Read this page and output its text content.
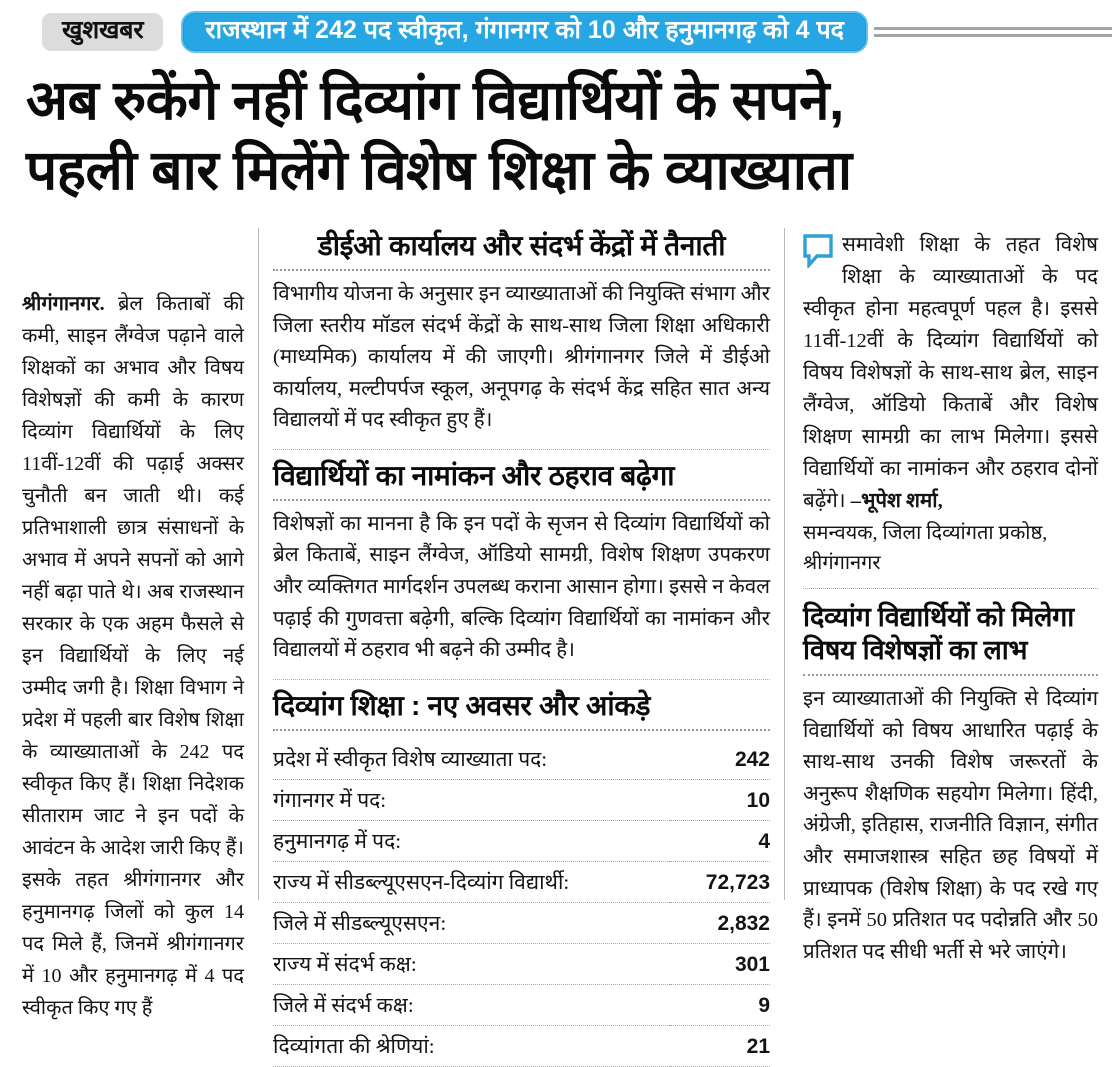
खुशखबर	राजस्थान में 242 पद स्वीकृत, गंगानगर को 10 और हनुमानगढ़ को 4 पद
अब रुकेंगे नहीं दिव्यांग विद्यार्थियों के सपने,
पहली बार मिलेंगे विशेष शिक्षा के व्याख्याता

श्रीगंगानगर. ब्रेल किताबों की कमी, साइन लैंग्वेज पढ़ाने वाले शिक्षकों का अभाव और विषय विशेषज्ञों की कमी के कारण दिव्यांग विद्यार्थियों के लिए 11वीं-12वीं की पढ़ाई अक्सर चुनौती बन जाती थी। कई प्रतिभाशाली छात्र संसाधनों के अभाव में अपने सपनों को आगे नहीं बढ़ा पाते थे। अब राजस्थान सरकार के एक अहम फैसले से इन विद्यार्थियों के लिए नई उम्मीद जगी है। शिक्षा विभाग ने प्रदेश में पहली बार विशेष शिक्षा के व्याख्याताओं के 242 पद स्वीकृत किए हैं। शिक्षा निदेशक सीताराम जाट ने इन पदों के आवंटन के आदेश जारी किए हैं। इसके तहत श्रीगंगानगर और हनुमानगढ़ जिलों को कुल 14 पद मिले हैं, जिनमें श्रीगंगानगर में 10 और हनुमानगढ़ में 4 पद स्वीकृत किए गए हैं

डीईओ कार्यालय और संदर्भ केंद्रों में तैनाती

विभागीय योजना के अनुसार इन व्याख्याताओं की नियुक्ति संभाग और जिला स्तरीय मॉडल संदर्भ केंद्रों के साथ-साथ जिला शिक्षा अधिकारी (माध्यमिक) कार्यालय में की जाएगी। श्रीगंगानगर जिले में डीईओ कार्यालय, मल्टीपर्पज स्कूल, अनूपगढ़ के संदर्भ केंद्र सहित सात अन्य विद्यालयों में पद स्वीकृत हुए हैं।

विद्यार्थियों का नामांकन और ठहराव बढ़ेगा

विशेषज्ञों का मानना है कि इन पदों के सृजन से दिव्यांग विद्यार्थियों को ब्रेल किताबें, साइन लैंग्वेज, ऑडियो सामग्री, विशेष शिक्षण उपकरण और व्यक्तिगत मार्गदर्शन उपलब्ध कराना आसान होगा। इससे न केवल पढ़ाई की गुणवत्ता बढ़ेगी, बल्कि दिव्यांग विद्यार्थियों का नामांकन और विद्यालयों में ठहराव भी बढ़ने की उम्मीद है।

दिव्यांग शिक्षा : नए अवसर और आंकड़े
प्रदेश में स्वीकृत विशेष व्याख्याता पद:	242
गंगानगर में पद:	10
हनुमानगढ़ में पद:	4
राज्य में सीडब्ल्यूएसएन-दिव्यांग विद्यार्थी:	72,723
जिले में सीडब्ल्यूएसएन:	2,832
राज्य में संदर्भ कक्ष:	301
जिले में संदर्भ कक्ष:	9
दिव्यांगता की श्रेणियां:	21

समावेशी शिक्षा के तहत विशेष शिक्षा के व्याख्याताओं के पद स्वीकृत होना महत्वपूर्ण पहल है। इससे 11वीं-12वीं के दिव्यांग विद्यार्थियों को विषय विशेषज्ञों के साथ-साथ ब्रेल, साइन लैंग्वेज, ऑडियो किताबें और विशेष शिक्षण सामग्री का लाभ मिलेगा। इससे विद्यार्थियों का नामांकन और ठहराव दोनों बढ़ेंगे। –भूपेश शर्मा,

समन्वयक, जिला दिव्यांगता प्रकोष्ठ, श्रीगंगानगर

दिव्यांग विद्यार्थियों को मिलेगा विषय विशेषज्ञों का लाभ

इन व्याख्याताओं की नियुक्ति से दिव्यांग विद्यार्थियों को विषय आधारित पढ़ाई के साथ-साथ उनकी विशेष जरूरतों के अनुरूप शैक्षणिक सहयोग मिलेगा। हिंदी, अंग्रेजी, इतिहास, राजनीति विज्ञान, संगीत और समाजशास्त्र सहित छह विषयों में प्राध्यापक (विशेष शिक्षा) के पद रखे गए हैं। इनमें 50 प्रतिशत पद पदोन्नति और 50 प्रतिशत पद सीधी भर्ती से भरे जाएंगे।
